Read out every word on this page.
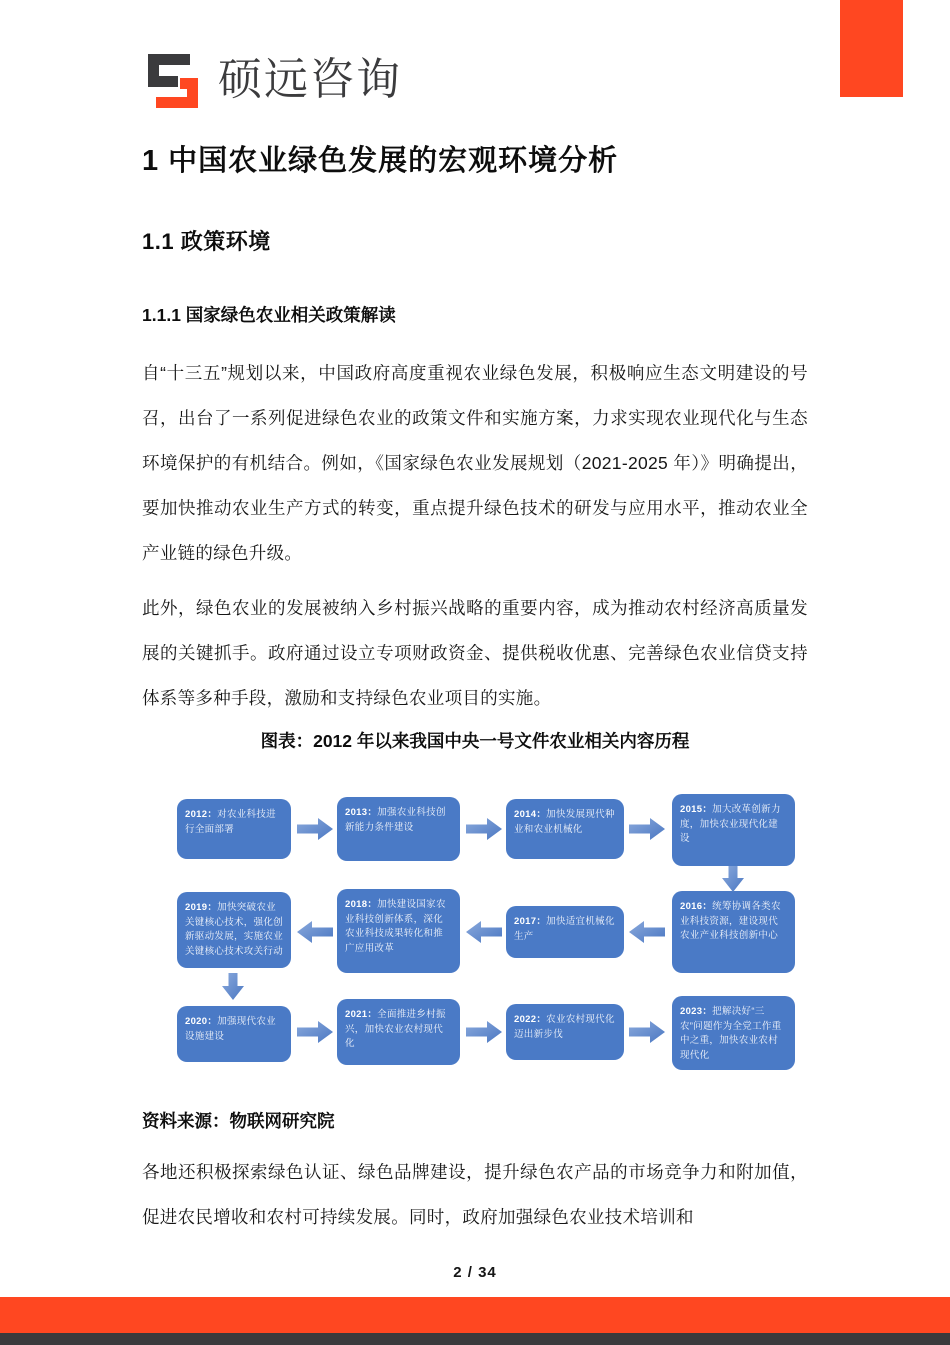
硕远咨询
1 中国农业绿色发展的宏观环境分析
1.1 政策环境
1.1.1 国家绿色农业相关政策解读

自“十三五”规划以来，中国政府高度重视农业绿色发展，积极响应生态文明建设的号召，出台了一系列促进绿色农业的政策文件和实施方案，力求实现农业现代化与生态环境保护的有机结合。例如，《国家绿色农业发展规划（2021-2025 年）》明确提出，要加快推动农业生产方式的转变，重点提升绿色技术的研发与应用水平，推动农业全产业链的绿色升级。

此外，绿色农业的发展被纳入乡村振兴战略的重要内容，成为推动农村经济高质量发展的关键抓手。政府通过设立专项财政资金、提供税收优惠、完善绿色农业信贷支持体系等多种手段，激励和支持绿色农业项目的实施。

图表：2012 年以来我国中央一号文件农业相关内容历程
2012：对农业科技进行全面部署
2013：加强农业科技创新能力条件建设
2014：加快发展现代种业和农业机械化
2015：加大改革创新力度，加快农业现代化建设
2016：统筹协调各类农业科技资源，建设现代农业产业科技创新中心
2017：加快适宜机械化生产
2018：加快建设国家农业科技创新体系，深化农业科技成果转化和推广应用改革
2019：加快突破农业关键核心技术，强化创新驱动发展，实施农业关键核心技术攻关行动
2020：加强现代农业设施建设
2021：全面推进乡村振兴，加快农业农村现代化
2022：农业农村现代化迈出新步伐
2023：把解决好“三农”问题作为全党工作重中之重，加快农业农村现代化
资料来源：物联网研究院

各地还积极探索绿色认证、绿色品牌建设，提升绿色农产品的市场竞争力和附加值，促进农民增收和农村可持续发展。同时，政府加强绿色农业技术培训和

2 / 34
